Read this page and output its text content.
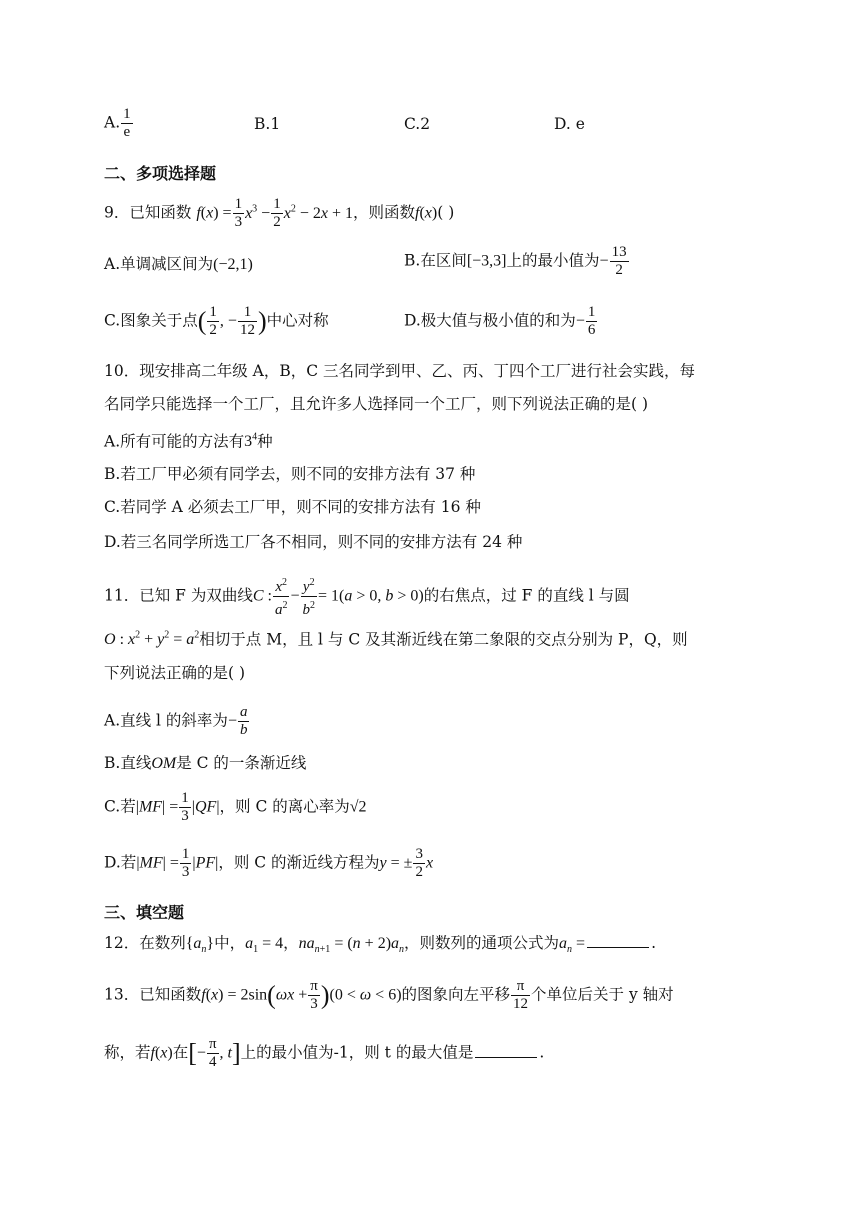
A. $\frac{1}{e}$	B.1	C.2	D. e
二、多项选择题
9．已知函数 $f(x) = \frac{1}{3} x^3 - \frac{1}{2} x^2 - 2x + 1$，则函数f(x)( )
A.单调减区间为(−2,1)	B.在区间[−3,3]上的最小值为− $\frac{13}{2}$
C.图象关于点( $\frac{1}{2}$ , − $\frac{1}{12}$ )中心对称	D.极大值与极小值的和为− $\frac{1}{6}$
10．现安排高二年级 A，B，C 三名同学到甲、乙、丙、丁四个工厂进行社会实践，每
名同学只能选择一个工厂，且允许多人选择同一个工厂，则下列说法正确的是( )
A.所有可能的方法有$3^4$种
B.若工厂甲必须有同学去，则不同的安排方法有 37 种
C.若同学 A 必须去工厂甲，则不同的安排方法有 16 种
D.若三名同学所选工厂各不相同，则不同的安排方法有 24 种
11．已知 F 为双曲线C : $\frac{x^2}{a^2} - \frac{y^2}{b^2} = 1(a > 0$, b > 0)的右焦点，过 F 的直线 l 与圆
O : $x^2 + y^2 = a^2$相切于点 M，且 l 与 C 及其渐近线在第二象限的交点分别为 P，Q，则
下列说法正确的是( )
A.直线 l 的斜率为− $\frac{a}{b}$
B.直线OM是 C 的一条渐近线
C.若$|MF| = \frac{1}{3} |QF|$，则 C 的离心率为√2
D.若$|MF| = \frac{1}{3} |PF|$，则 C 的渐近线方程为y = ± $\frac{3}{2}$ x
三、填空题
12．在数列$\{a_n\}$中，$a_1 = 4$，$na_{n+1} = (n + 2)a_n$，则数列的通项公式为$a_n$ =	.
13．已知函数$f(x) = 2\sin(\omega x + \frac{\pi}{3} )(0 < \omega < 6)$的图象向左平移 $\frac{\pi}{12}$ 个单位后关于 y 轴对
称，若f(x)在[− $\frac{\pi}{4}$ , t]上的最小值为-1，则 t 的最大值是	.
